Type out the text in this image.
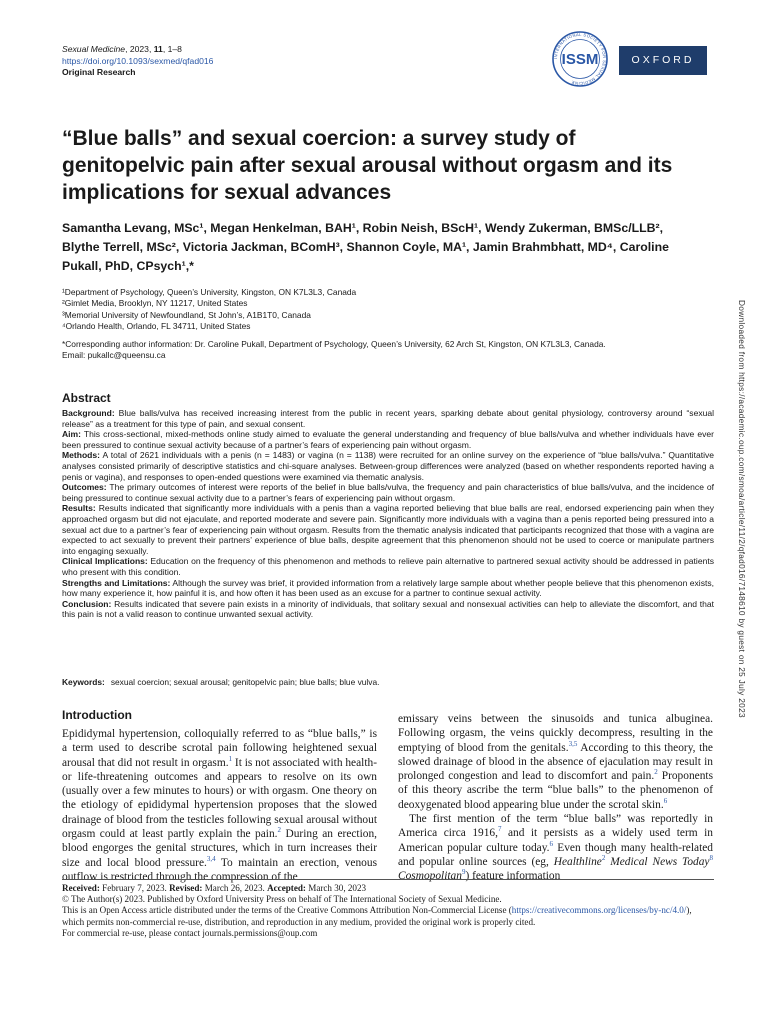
Sexual Medicine, 2023, 11, 1–8
https://doi.org/10.1093/sexmed/qfad016
Original Research
INTERNATIONAL SOCIETY FOR SEXUAL MEDICINE
ISSM	OXFORD
“Blue balls” and sexual coercion: a survey study of genitopelvic pain after sexual arousal without orgasm and its implications for sexual advances
Samantha Levang, MSc¹, Megan Henkelman, BAH¹, Robin Neish, BScH¹, Wendy Zukerman, BMSc/LLB², Blythe Terrell, MSc², Victoria Jackman, BComH³, Shannon Coyle, MA¹, Jamin Brahmbhatt, MD⁴, Caroline Pukall, PhD, CPsych¹,*
¹Department of Psychology, Queen’s University, Kingston, ON K7L3L3, Canada
²Gimlet Media, Brooklyn, NY 11217, United States
³Memorial University of Newfoundland, St John’s, A1B1T0, Canada
⁴Orlando Health, Orlando, FL 34711, United States
*Corresponding author information: Dr. Caroline Pukall, Department of Psychology, Queen’s University, 62 Arch St, Kingston, ON K7L3L3, Canada.
Email: pukallc@queensu.ca
Abstract

Background: Blue balls/vulva has received increasing interest from the public in recent years, sparking debate about genital physiology, controversy around “sexual release” as a treatment for this type of pain, and sexual consent.

Aim: This cross-sectional, mixed-methods online study aimed to evaluate the general understanding and frequency of blue balls/vulva and whether individuals have ever been pressured to continue sexual activity because of a partner’s fears of experiencing pain without orgasm.

Methods: A total of 2621 individuals with a penis (n = 1483) or vagina (n = 1138) were recruited for an online survey on the experience of “blue balls/vulva.” Quantitative analyses consisted primarily of descriptive statistics and chi-square analyses. Between-group differences were analyzed (based on whether respondents reported having a penis or vagina), and responses to open-ended questions were examined via thematic analysis.

Outcomes: The primary outcomes of interest were reports of the belief in blue balls/vulva, the frequency and pain characteristics of blue balls/vulva, and the incidence of being pressured to continue sexual activity due to a partner’s fears of experiencing pain without orgasm.

Results: Results indicated that significantly more individuals with a penis than a vagina reported believing that blue balls are real, endorsed experiencing pain when they approached orgasm but did not ejaculate, and reported moderate and severe pain. Significantly more individuals with a vagina than a penis reported being pressured into a sexual act due to a partner’s fear of experiencing pain without orgasm. Results from the thematic analysis indicated that participants recognized that those with a vagina are expected to act sexually to prevent their partners’ experience of blue balls, despite agreement that this phenomenon should not be used to coerce or manipulate partners into engaging sexually.

Clinical Implications: Education on the frequency of this phenomenon and methods to relieve pain alternative to partnered sexual activity should be addressed in patients who present with this condition.

Strengths and Limitations: Although the survey was brief, it provided information from a relatively large sample about whether people believe that this phenomenon exists, how many experience it, how painful it is, and how often it has been used as an excuse for a partner to continue sexual activity.

Conclusion: Results indicated that severe pain exists in a minority of individuals, that solitary sexual and nonsexual activities can help to alleviate the discomfort, and that this pain is not a valid reason to continue unwanted sexual activity.

Keywords: sexual coercion; sexual arousal; genitopelvic pain; blue balls; blue vulva.
Introduction

Epididymal hypertension, colloquially referred to as “blue balls,” is a term used to describe scrotal pain following heightened sexual arousal that did not result in orgasm.$^1$ It is not associated with health- or life-threatening outcomes and appears to resolve on its own (usually over a few minutes to hours) or with orgasm. One theory on the etiology of epididymal hypertension proposes that the slowed drainage of blood from the testicles following sexual arousal without orgasm could at least partly explain the pain.$^2$ During an erection, blood engorges the genital structures, which in turn increases their size and local blood pressure.$^{3,4}$ To maintain an erection, venous outflow is restricted through the compression of the

emissary veins between the sinusoids and tunica albuginea. Following orgasm, the veins quickly decompress, resulting in the emptying of blood from the genitals.$^{3,5}$ According to this theory, the slowed drainage of blood in the absence of ejaculation may result in prolonged congestion and lead to discomfort and pain.$^2$ Proponents of this theory ascribe the term “blue balls” to the phenomenon of deoxygenated blood appearing blue under the scrotal skin.$^6$

The first mention of the term “blue balls” was reportedly in America circa 1916,$^7$ and it persists as a widely used term in American popular culture today.$^6$ Even though many health-related and popular online sources (eg, Healthline$^2$ Medical News Today$^8$ Cosmopolitan$^9$) feature information

Received: February 7, 2023. Revised: March 26, 2023. Accepted: March 30, 2023
© The Author(s) 2023. Published by Oxford University Press on behalf of The International Society of Sexual Medicine.
This is an Open Access article distributed under the terms of the Creative Commons Attribution Non-Commercial License (https://creativecommons.org/licenses/by-nc/4.0/), which permits non-commercial re-use, distribution, and reproduction in any medium, provided the original work is properly cited.
For commercial re-use, please contact journals.permissions@oup.com
Downloaded from https://academic.oup.com/smoa/article/11/2/qfad016/7148610 by guest on 25 July 2023
